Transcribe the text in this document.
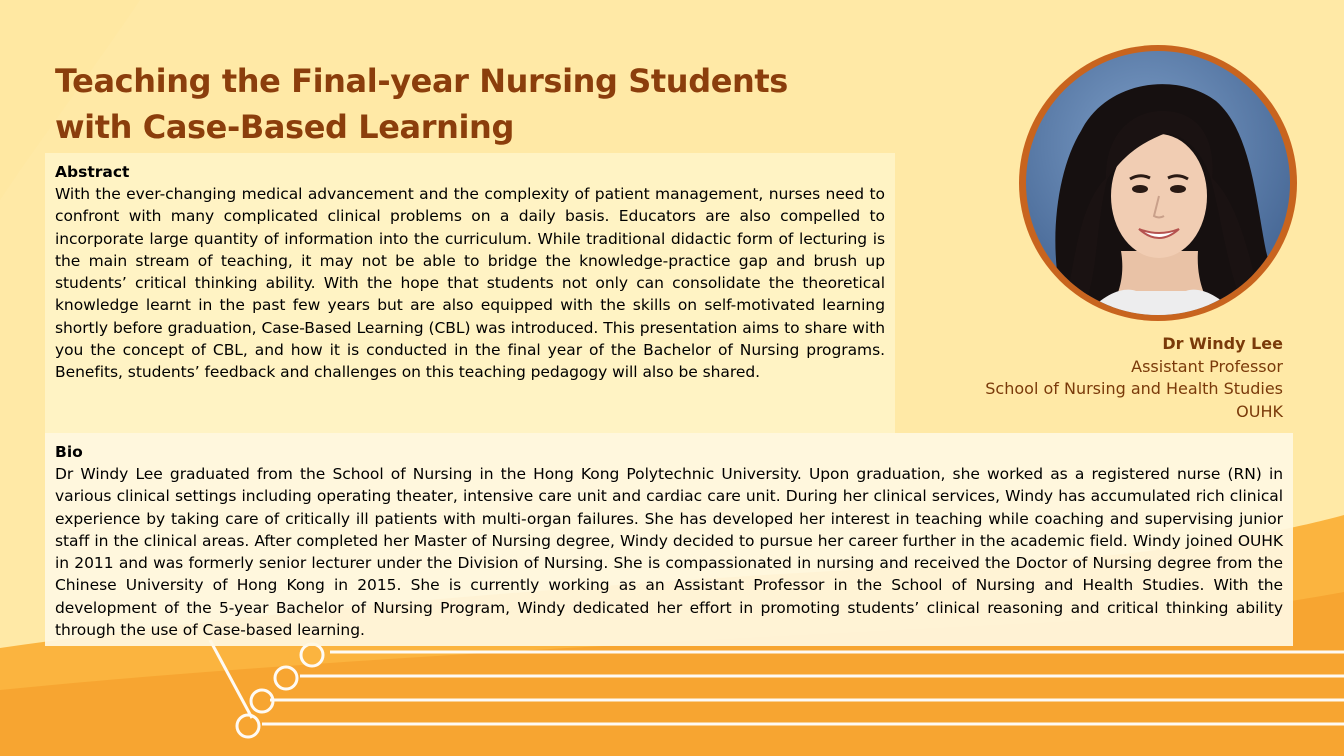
Teaching the Final-year Nursing Students
with Case-Based Learning
Abstract
With the ever-changing medical advancement and the complexity of patient management, nurses need to confront with many complicated clinical problems on a daily basis. Educators are also compelled to incorporate large quantity of information into the curriculum. While traditional didactic form of lecturing is the main stream of teaching, it may not be able to bridge the knowledge-practice gap and brush up students’ critical thinking ability. With the hope that students not only can consolidate the theoretical knowledge learnt in the past few years but are also equipped with the skills on self-motivated learning shortly before graduation, Case-Based Learning (CBL) was introduced. This presentation aims to share with you the concept of CBL, and how it is conducted in the final year of the Bachelor of Nursing programs. Benefits, students’ feedback and challenges on this teaching pedagogy will also be shared.
Dr Windy Lee
Assistant Professor
School of Nursing and Health Studies
OUHK
Bio
Dr Windy Lee graduated from the School of Nursing in the Hong Kong Polytechnic University. Upon graduation, she worked as a registered nurse (RN) in various clinical settings including operating theater, intensive care unit and cardiac care unit. During her clinical services, Windy has accumulated rich clinical experience by taking care of critically ill patients with multi-organ failures. She has developed her interest in teaching while coaching and supervising junior staff in the clinical areas. After completed her Master of Nursing degree, Windy decided to pursue her career further in the academic field. Windy joined OUHK in 2011 and was formerly senior lecturer under the Division of Nursing. She is compassionated in nursing and received the Doctor of Nursing degree from the Chinese University of Hong Kong in 2015. She is currently working as an Assistant Professor in the School of Nursing and Health Studies. With the development of the 5-year Bachelor of Nursing Program, Windy dedicated her effort in promoting students’ clinical reasoning and critical thinking ability through the use of Case-based learning.
